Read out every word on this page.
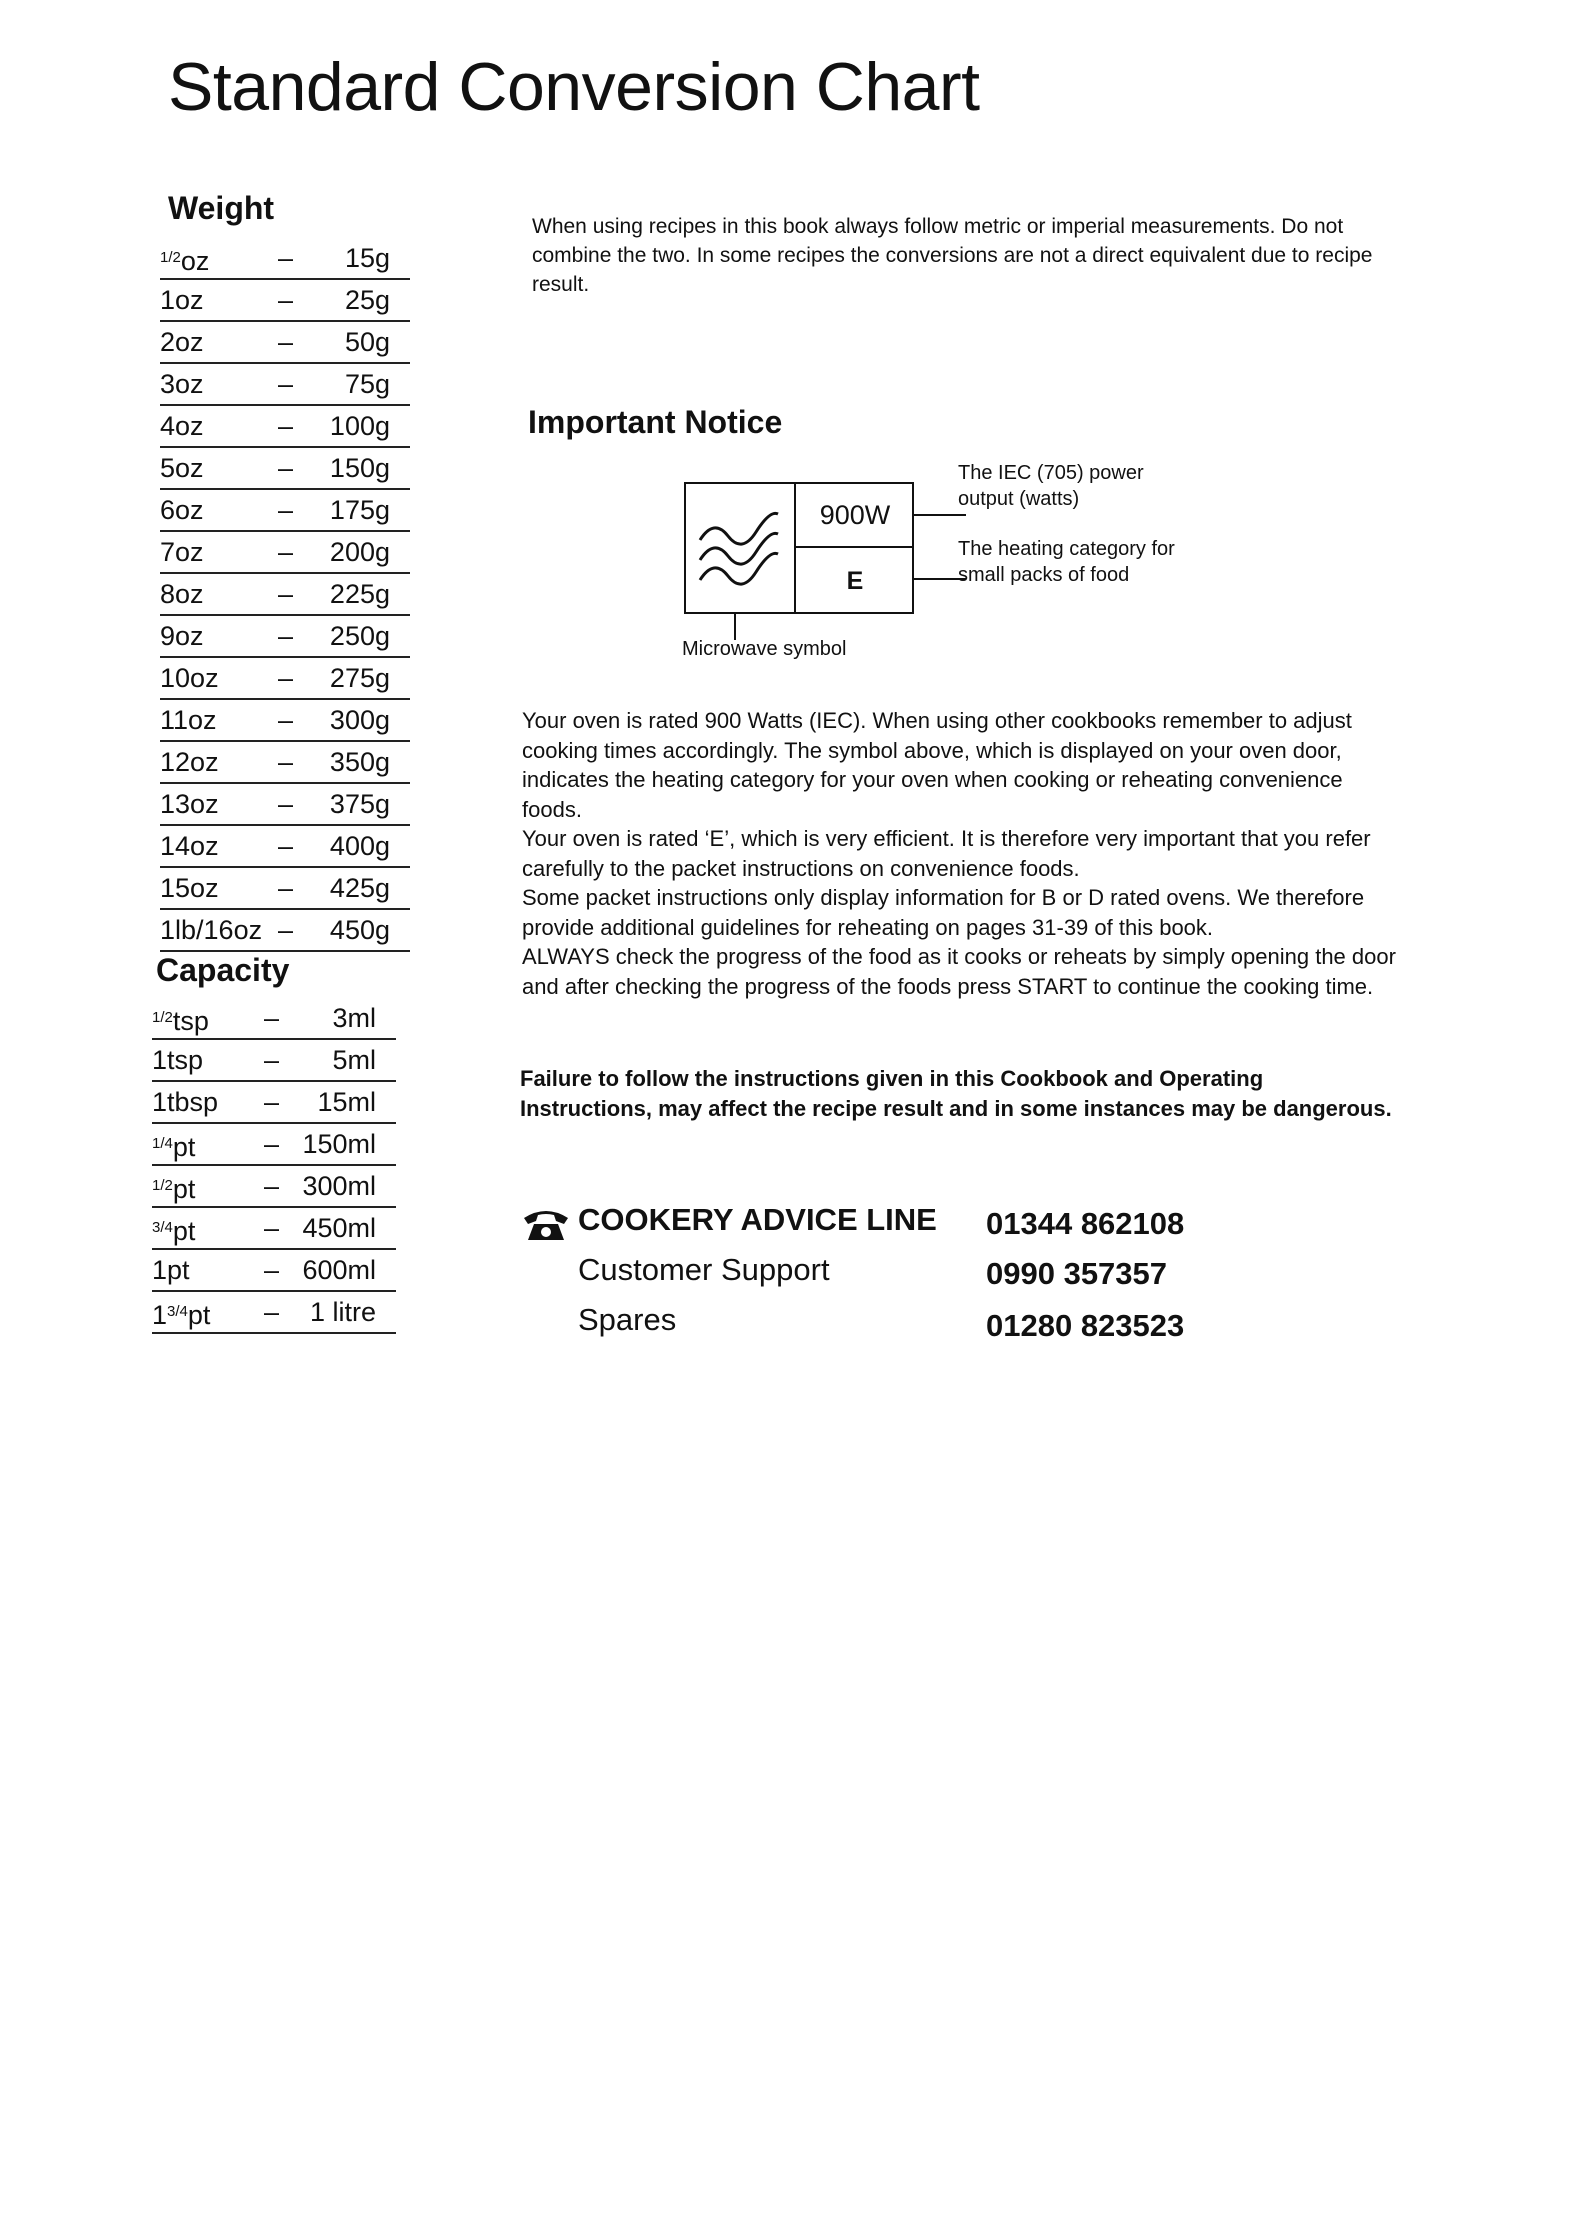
Standard Conversion Chart
Weight
$^{1/2}$oz	– 15g
1oz	– 25g
2oz	– 50g
3oz	– 75g
4oz	– 100g
5oz	– 150g
6oz	– 175g
7oz	– 200g
8oz	– 225g
9oz	– 250g
10oz – 275g
11oz – 300g
12oz – 350g
13oz – 375g
14oz – 400g
15oz – 425g
1lb/16oz – 450g
Capacity
$^{1/2}$tsp – 3ml
1tsp – 5ml
1tbsp – 15ml
$^{1/4}$pt	– 150ml
$^{1/2}$pt	– 300ml
$^{3/4}$pt	– 450ml
1pt	– 600ml
$1^{3/4}pt - 1$ litre
When using recipes in this book always follow metric or imperial measurements. Do not combine the two. In some recipes the conversions are not a direct equivalent due to recipe result.
Important Notice
900W
E
The IEC (705) power output (watts)
The heating category for small packs of food
Microwave symbol
Your oven is rated 900 Watts (IEC). When using other cookbooks remember to adjust cooking times accordingly. The symbol above, which is displayed on your oven door, indicates the heating category for your oven when cooking or reheating convenience foods.
Your oven is rated ‘E’, which is very efficient. It is therefore very important that you refer carefully to the packet instructions on convenience foods.
Some packet instructions only display information for B or D rated ovens. We therefore provide additional guidelines for reheating on pages 31-39 of this book.
ALWAYS check the progress of the food as it cooks or reheats by simply opening the door and after checking the progress of the foods press START to continue the cooking time.
Failure to follow the instructions given in this Cookbook and Operating Instructions, may affect the recipe result and in some instances may be dangerous.
COOKERY ADVICE LINE 01344 862108
Customer Support	0990 357357
Spares	01280 823523
